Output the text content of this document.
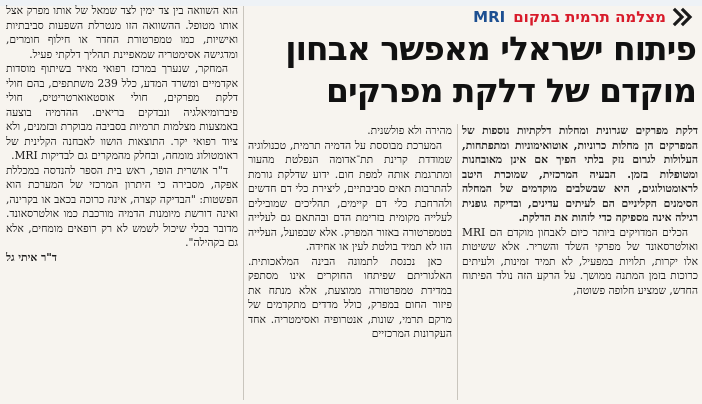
מצלמה תרמית במקום
MRI
פיתוח ישראלי מאפשר אבחון
מוקדם של דלקת מפרקים

דלקת מפרקים שגרונית ומחלות דלקתיות נוספות של המפרקים הן מחלות כרוניות, אוטואימוניות ומתפתחות, העלולות לגרום נזק בלתי הפיך אם אינן מאובחנות ומטופלות בזמן. הבעיה המרכזית, שמוכרת היטב לראומטולוגים, היא שבשלבים מוקדמים של המחלה הסימנים הקליניים הם לעיתים עדינים, ובדיקה גופנית רגילה אינה מספיקה כדי לזהות את הדלקת.

הכלים המדויקים ביותר כיום לאבחון מוקדם הם MRI ואולטרסאונד של מפרקי השלד והשריר. אלא ששיטות אלו יקרות, תלויות במפעיל, לא תמיד זמינות, ולעיתים כרוכות בזמן המתנה ממושך. על הרקע הזה נולד הפיתוח החדש, שמציע חלופה פשוטה,

מהירה ולא פולשנית.

המערכת מבוססת על הדמיה תרמית, טכנולוגיה שמודדת קרינת תת־אדומה הנפלטת מהעור ומתרגמת אותה למפת חום. ידוע שדלקת גורמת להתרבות תאים סביבתיים, ליצירת כלי דם חדשים ולהרחבת כלי דם קיימים, תהליכים שמובילים לעלייה מקומית בזרימת הדם ובהתאם גם לעלייה בטמפרטורה באזור המפרק. אלא שבפועל, העלייה הזו לא תמיד בולטת לעין או אחידה.

כאן נכנסת לתמונה הבינה המלאכותית. האלגוריתם שפיתחו החוקרים אינו מסתפק במדידת טמפרטורה ממוצעת, אלא מנתח את פיזור החום במפרק, כולל מדדים מתקדמים של מרקם תרמי, שונות, אנטרופיה ואסימטריה. אחד העקרונות המרכזיים

הוא השוואה בין צד ימין לצד שמאל של אותו מפרק אצל אותו מטופל. ההשוואה הזו מנטרלת השפעות סביבתיות ואישיות, כמו טמפרטורת החדר או חילוף חומרים, ומדגישה אסימטריה שמאפיינת תהליך דלקתי פעיל.

המחקר, שנערך במרכז רפואי מאיר בשיתוף מוסדות אקדמיים ומשרד המדע, כלל 239 משתתפים, בהם חולי דלקת מפרקים, חולי אוסטאוארטריטיס, חולי פיברומיאלגיה ונבדקים בריאים. ההדמיה בוצעה באמצעות מצלמות תרמיות בסביבה מבוקרת ובזמנים, ולא ציוד רפואי יקר. התוצאות הושוו לאבחנה הקלינית של ראומטולוג מומחה, ובחלק מהמקרים גם לבדיקות MRI.

ד"ר אושרית הופר, ראש בית הספר להנדסה במכללת אפקה, מסבירה כי היתרון המרכזי של המערכת הוא הפשטות: "הבדיקה קצרה, אינה כרוכה בכאב או בקרינה, ואינה דורשת מיומנות הדמיה מורכבת כמו אולטרסאונד. מדובר בכלי שיכול לשמש לא רק רופאים מומחים, אלא גם בקהילה".

ד"ר איתי גל
